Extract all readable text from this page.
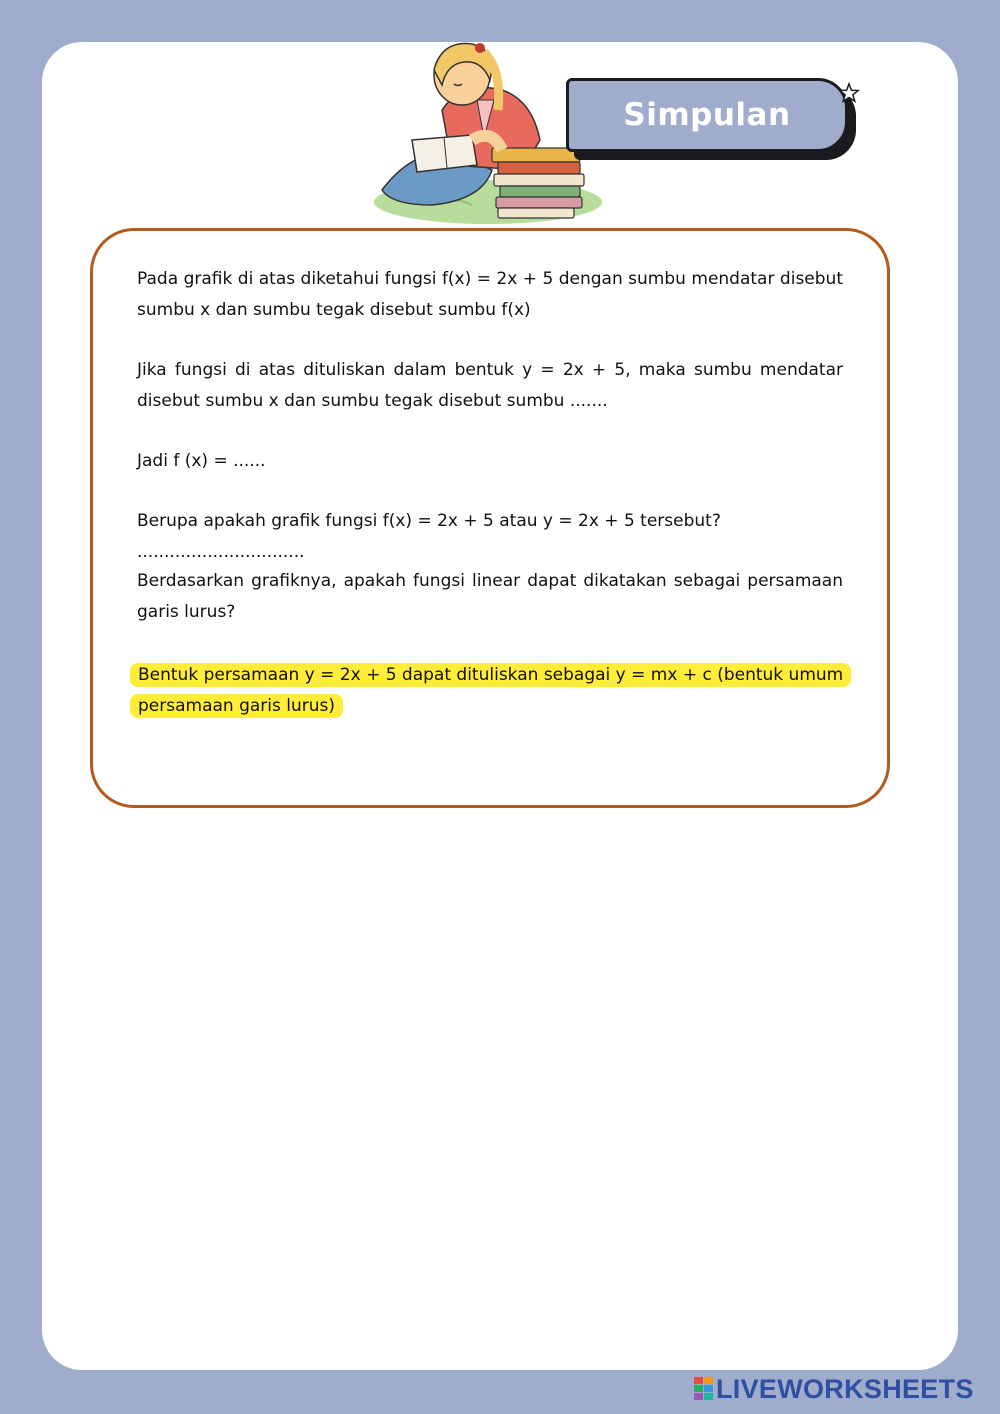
Simpulan

Pada grafik di atas diketahui fungsi f(x) = 2x + 5 dengan sumbu mendatar disebut sumbu x dan sumbu tegak disebut sumbu f(x)

Jika fungsi di atas dituliskan dalam bentuk y = 2x + 5, maka sumbu mendatar disebut sumbu x dan sumbu tegak disebut sumbu .......

Jadi f (x) = ......

Berupa apakah grafik fungsi f(x) = 2x + 5 atau y = 2x + 5 tersebut? ...............................

Berdasarkan grafiknya, apakah fungsi linear dapat dikatakan sebagai persamaan garis lurus?

Bentuk persamaan y = 2x + 5 dapat dituliskan sebagai y = mx + c (bentuk umum persamaan garis lurus)
LIVEWORKSHEETS
